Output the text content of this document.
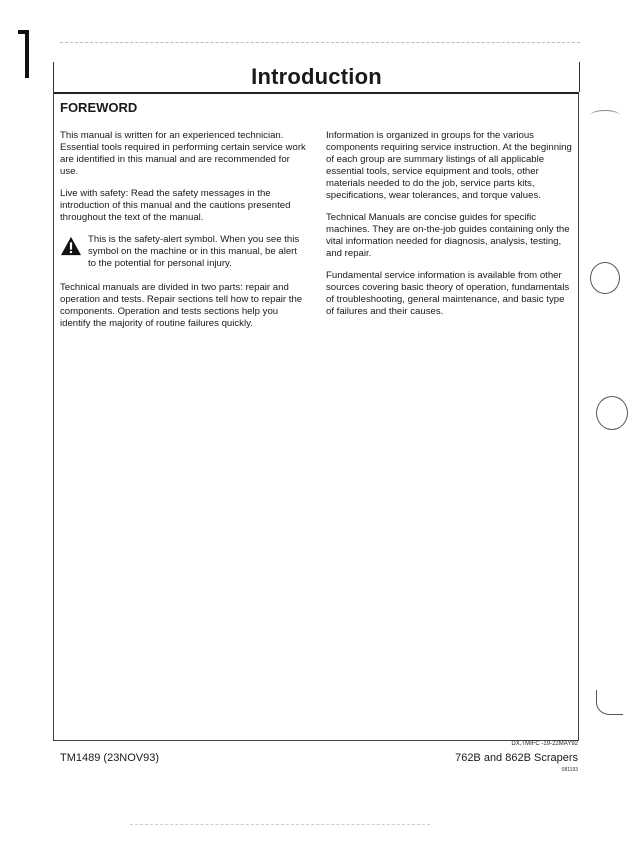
Introduction
FOREWORD

This manual is written for an experienced technician. Essential tools required in performing certain service work are identified in this manual and are recommended for use.

Live with safety: Read the safety messages in the introduction of this manual and the cautions presented throughout the text of the manual.

This is the safety-alert symbol. When you see this symbol on the machine or in this manual, be alert to the potential for personal injury.

Technical manuals are divided in two parts: repair and operation and tests. Repair sections tell how to repair the components. Operation and tests sections help you identify the majority of routine failures quickly.

Information is organized in groups for the various components requiring service instruction. At the beginning of each group are summary listings of all applicable essential tools, service equipment and tools, other materials needed to do the job, service parts kits, specifications, wear tolerances, and torque values.

Technical Manuals are concise guides for specific machines. They are on-the-job guides containing only the vital information needed for diagnosis, analysis, testing, and repair.

Fundamental service information is available from other sources covering basic theory of operation, fundamentals of troubleshooting, general maintenance, and basic type of failures and their causes.

DX,TMIFC -19-22MAY92
TM1489 (23NOV93)	762B and 862B Scrapers
081193
